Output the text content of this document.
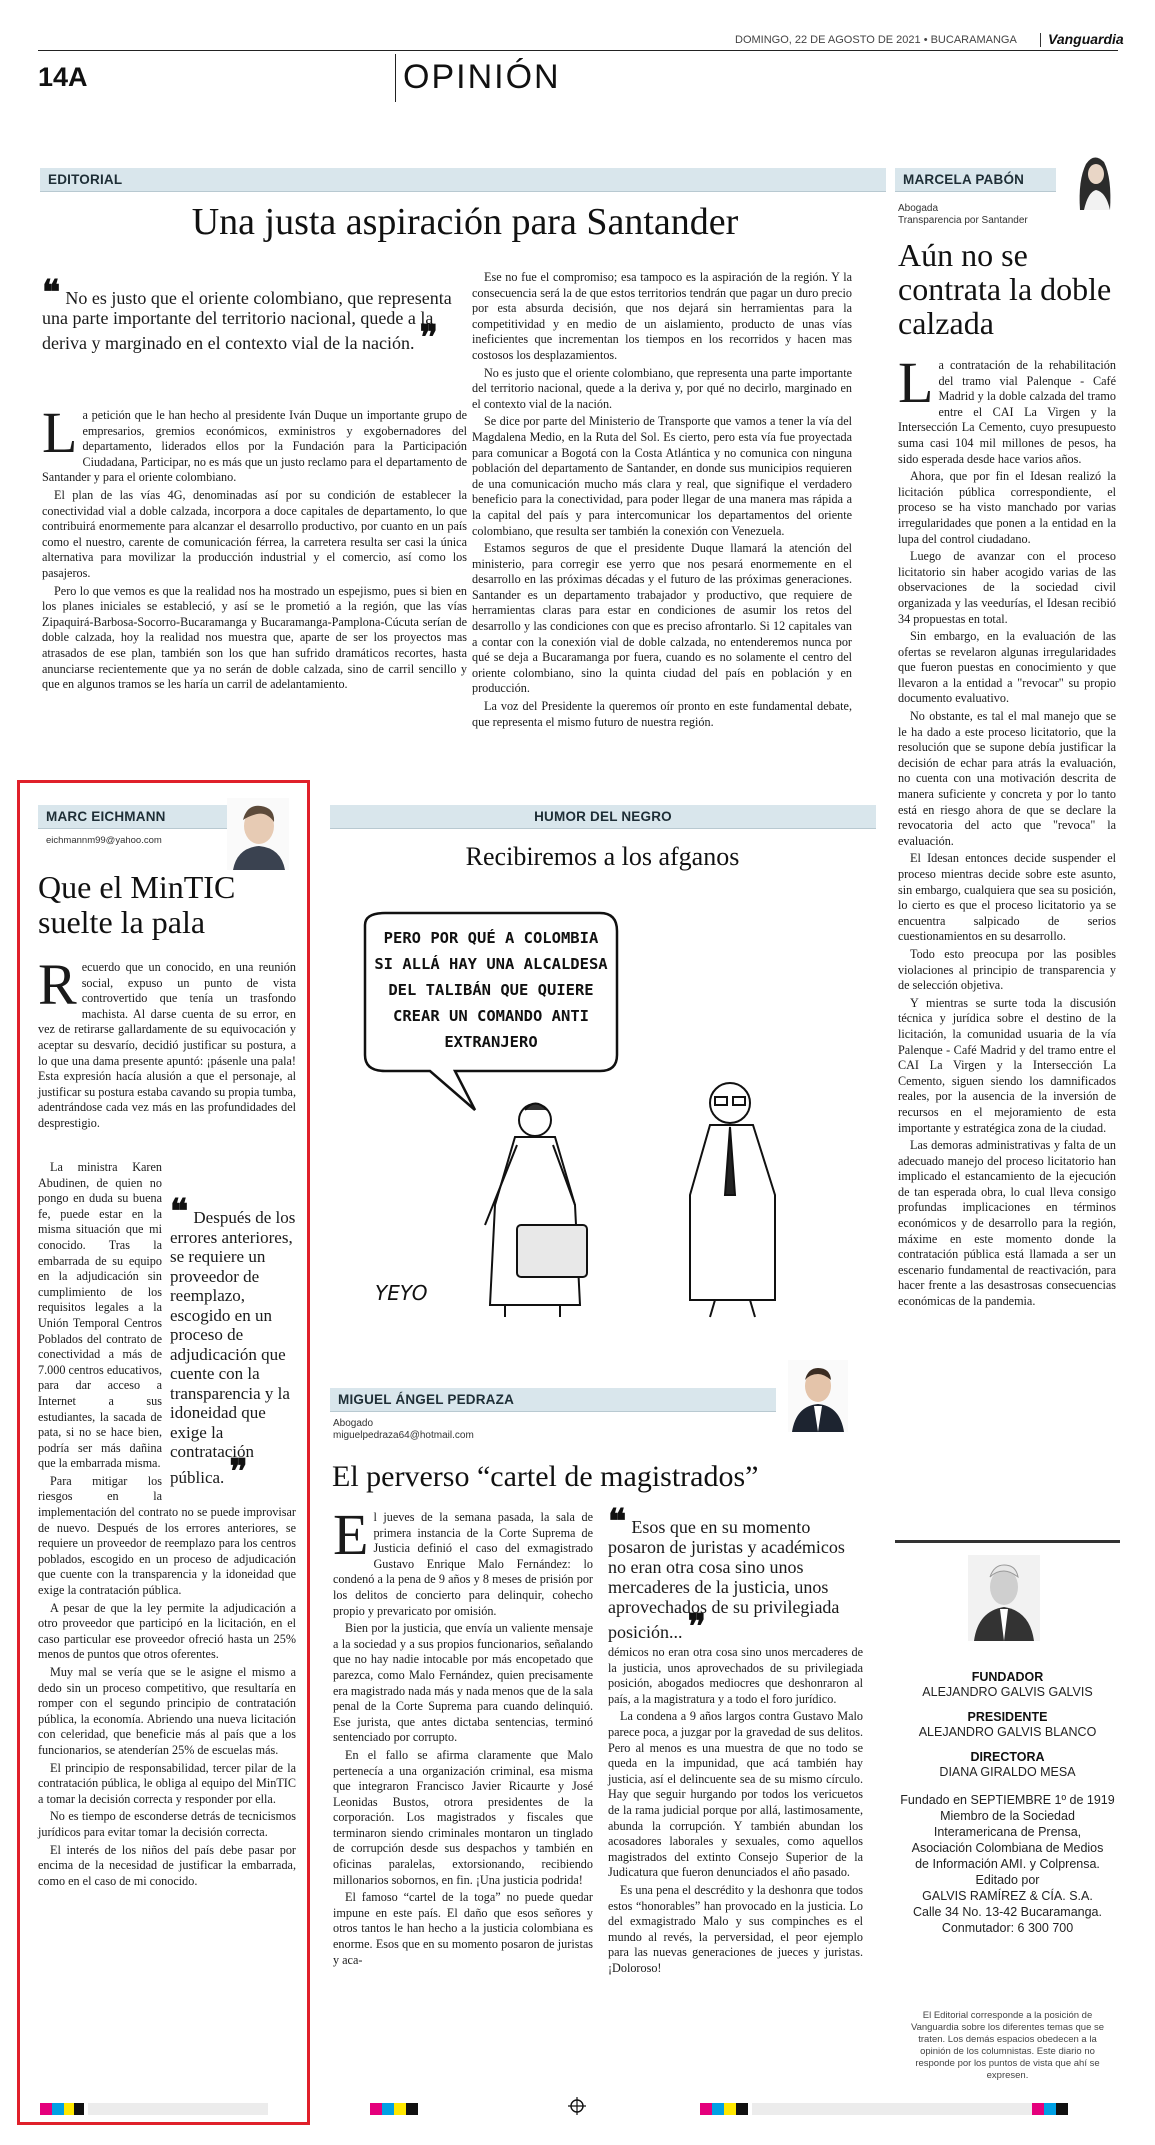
DOMINGO, 22 DE AGOSTO DE 2021 • BUCARAMANGA Vanguardia
14A	OPINIÓN
EDITORIAL
Una justa aspiración para Santander
❝ No es justo que el oriente colombiano, que representa una parte importante del territorio nacional, quede a la deriva y marginado en el contexto vial de la nación. ❞
L a petición que le han hecho al presidente Iván Duque un importante grupo de empresarios, gremios económicos, exministros y exgobernadores del departamento, liderados ellos por la Fundación para la Participación Ciudadana, Participar, no es más que un justo reclamo para el departamento de Santander y para el oriente colombiano.

El plan de las vías 4G, denominadas así por su condición de establecer la conectividad vial a doble calzada, incorpora a doce capitales de departamento, lo que contribuirá enormemente para alcanzar el desarrollo productivo, por cuanto en un país como el nuestro, carente de comunicación férrea, la carretera resulta ser casi la única alternativa para movilizar la producción industrial y el comercio, así como los pasajeros.

Pero lo que vemos es que la realidad nos ha mostrado un espejismo, pues si bien en los planes iniciales se estableció, y así se le prometió a la región, que las vías Zipaquirá-Barbosa-Socorro-Bucaramanga y Bucaramanga-Pamplona-Cúcuta serían de doble calzada, hoy la realidad nos muestra que, aparte de ser los proyectos mas atrasados de ese plan, también son los que han sufrido dramáticos recortes, hasta anunciarse recientemente que ya no serán de doble calzada, sino de carril sencillo y que en algunos tramos se les haría un carril de adelantamiento.

Ese no fue el compromiso; esa tampoco es la aspiración de la región. Y la consecuencia será la de que estos territorios tendrán que pagar un duro precio por esta absurda decisión, que nos dejará sin herramientas para la competitividad y en medio de un aislamiento, producto de unas vías ineficientes que incrementan los tiempos en los recorridos y hacen mas costosos los desplazamientos.

No es justo que el oriente colombiano, que representa una parte importante del territorio nacional, quede a la deriva y, por qué no decirlo, marginado en el contexto vial de la nación.

Se dice por parte del Ministerio de Transporte que vamos a tener la vía del Magdalena Medio, en la Ruta del Sol. Es cierto, pero esta vía fue proyectada para comunicar a Bogotá con la Costa Atlántica y no comunica con ninguna población del departamento de Santander, en donde sus municipios requieren de una comunicación mucho más clara y real, que signifique el verdadero beneficio para la conectividad, para poder llegar de una manera mas rápida a la capital del país y para intercomunicar los departamentos del oriente colombiano, que resulta ser también la conexión con Venezuela.

Estamos seguros de que el presidente Duque llamará la atención del ministerio, para corregir ese yerro que nos pesará enormemente en el desarrollo en las próximas décadas y el futuro de las próximas generaciones. Santander es un departamento trabajador y productivo, que requiere de herramientas claras para estar en condiciones de asumir los retos del desarrollo y las condiciones con que es preciso afrontarlo. Si 12 capitales van a contar con la conexión vial de doble calzada, no entenderemos nunca por qué se deja a Bucaramanga por fuera, cuando es no solamente el centro del oriente colombiano, sino la quinta ciudad del país en población y en producción.

La voz del Presidente la queremos oír pronto en este fundamental debate, que representa el mismo futuro de nuestra región.

MARCELA PABÓN
Abogada
Transparencia por Santander
Aún no se contrata la doble calzada
L a contratación de la rehabilitación del tramo vial Palenque - Café Madrid y la doble calzada del tramo entre el CAI La Virgen y la Intersección La Cemento, cuyo presupuesto suma casi 104 mil millones de pesos, ha sido esperada desde hace varios años.

Ahora, que por fin el Idesan realizó la licitación pública correspondiente, el proceso se ha visto manchado por varias irregularidades que ponen a la entidad en la lupa del control ciudadano.

Luego de avanzar con el proceso licitatorio sin haber acogido varias de las observaciones de la sociedad civil organizada y las veedurías, el Idesan recibió 34 propuestas en total.

Sin embargo, en la evaluación de las ofertas se revelaron algunas irregularidades que fueron puestas en conocimiento y que llevaron a la entidad a "revocar" su propio documento evaluativo.

No obstante, es tal el mal manejo que se le ha dado a este proceso licitatorio, que la resolución que se supone debía justificar la decisión de echar para atrás la evaluación, no cuenta con una motivación descrita de manera suficiente y concreta y por lo tanto está en riesgo ahora de que se declare la revocatoria del acto que "revoca" la evaluación.

El Idesan entonces decide suspender el proceso mientras decide sobre este asunto, sin embargo, cualquiera que sea su posición, lo cierto es que el proceso licitatorio ya se encuentra salpicado de serios cuestionamientos en su desarrollo.

Todo esto preocupa por las posibles violaciones al principio de transparencia y de selección objetiva.

Y mientras se surte toda la discusión técnica y jurídica sobre el destino de la licitación, la comunidad usuaria de la vía Palenque - Café Madrid y del tramo entre el CAI La Virgen y la Intersección La Cemento, siguen siendo los damnificados reales, por la ausencia de la inversión de recursos en el mejoramiento de esta importante y estratégica zona de la ciudad.

Las demoras administrativas y falta de un adecuado manejo del proceso licitatorio han implicado el estancamiento de la ejecución de tan esperada obra, lo cual lleva consigo profundas implicaciones en términos económicos y de desarrollo para la región, máxime en este momento donde la contratación pública está llamada a ser un escenario fundamental de reactivación, para hacer frente a las desastrosas consecuencias económicas de la pandemia.

MARC EICHMANN
eichmannm99@yahoo.com
Que el MinTIC
suelte la pala
R ecuerdo que un conocido, en una reunión social, expuso un punto de vista controvertido que tenía un trasfondo machista. Al darse cuenta de su error, en vez de retirarse gallardamente de su equivocación y aceptar su desvarío, decidió justificar su postura, a lo que una dama presente apuntó: ¡pásenle una pala! Esta expresión hacía alusión a que el personaje, al justificar su postura estaba cavando su propia tumba, adentrándose cada vez más en las profundidades del desprestigio.

❝ Después de los errores anteriores, se requiere un proveedor de reemplazo, escogido en un proceso de adjudicación que cuente con la transparencia y la idoneidad que exige la contratación pública. ❞

La ministra Karen Abudinen, de quien no pongo en duda su buena fe, puede estar en la misma situación que mi conocido. Tras la embarrada de su equipo en la adjudicación sin cumplimiento de los requisitos legales a la Unión Temporal Centros Poblados del contrato de conectividad a más de 7.000 centros educativos, para dar acceso a Internet a sus estudiantes, la sacada de pata, si no se hace bien, podría ser más dañina que la embarrada misma.

Para mitigar los riesgos en la implementación del contrato no se puede improvisar de nuevo. Después de los errores anteriores, se requiere un proveedor de reemplazo para los centros poblados, escogido en un proceso de adjudicación que cuente con la transparencia y la idoneidad que exige la contratación pública.

A pesar de que la ley permite la adjudicación a otro proveedor que participó en la licitación, en el caso particular ese proveedor ofreció hasta un 25% menos de puntos que otros oferentes.

Muy mal se vería que se le asigne el mismo a dedo sin un proceso competitivo, que resultaría en romper con el segundo principio de contratación pública, la economía. Abriendo una nueva licitación con celeridad, que beneficie más al país que a los funcionarios, se atenderían 25% de escuelas más.

El principio de responsabilidad, tercer pilar de la contratación pública, le obliga al equipo del MinTIC a tomar la decisión correcta y responder por ella.

No es tiempo de esconderse detrás de tecnicismos jurídicos para evitar tomar la decisión correcta.

El interés de los niños del país debe pasar por encima de la necesidad de justificar la embarrada, como en el caso de mi conocido.

HUMOR DEL NEGRO
Recibiremos a los afganos
PERO POR QUÉ A COLOMBIA
SI ALLÁ HAY UNA ALCALDESA
DEL TALIBÁN QUE QUIERE
CREAR UN COMANDO ANTI
EXTRANJERO
YEYO
MIGUEL ÁNGEL PEDRAZA
Abogado
miguelpedraza64@hotmail.com
El perverso “cartel de magistrados”
E l jueves de la semana pasada, la sala de primera instancia de la Corte Suprema de Justicia definió el caso del exmagistrado Gustavo Enrique Malo Fernández: lo condenó a la pena de 9 años y 8 meses de prisión por los delitos de concierto para delinquir, cohecho propio y prevaricato por omisión.

Bien por la justicia, que envía un valiente mensaje a la sociedad y a sus propios funcionarios, señalando que no hay nadie intocable por más encopetado que parezca, como Malo Fernández, quien precisamente era magistrado nada más y nada menos que de la sala penal de la Corte Suprema para cuando delinquió. Ese jurista, que antes dictaba sentencias, terminó sentenciado por corrupto.

En el fallo se afirma claramente que Malo pertenecía a una organización criminal, esa misma que integraron Francisco Javier Ricaurte y José Leonidas Bustos, otrora presidentes de la corporación. Los magistrados y fiscales que terminaron siendo criminales montaron un tinglado de corrupción desde sus despachos y también en oficinas paralelas, extorsionando, recibiendo millonarios sobornos, en fin. ¡Una justicia podrida!

El famoso “cartel de la toga” no puede quedar impune en este país. El daño que esos señores y otros tantos le han hecho a la justicia colombiana es enorme. Esos que en su momento posaron de juristas y aca-

❝ Esos que en su momento posaron de juristas y académicos no eran otra cosa sino unos mercaderes de la justicia, unos aprovechados de su privilegiada posición... ❞

démicos no eran otra cosa sino unos mercaderes de la justicia, unos aprovechados de su privilegiada posición, abogados mediocres que deshonraron al país, a la magistratura y a todo el foro jurídico.

La condena a 9 años largos contra Gustavo Malo parece poca, a juzgar por la gravedad de sus delitos. Pero al menos es una muestra de que no todo se queda en la impunidad, que acá también hay justicia, así el delincuente sea de su mismo círculo. Hay que seguir hurgando por todos los vericuetos de la rama judicial porque por allá, lastimosamente, abunda la corrupción. Y también abundan los acosadores laborales y sexuales, como aquellos magistrados del extinto Consejo Superior de la Judicatura que fueron denunciados el año pasado.

Es una pena el descrédito y la deshonra que todos estos “honorables” han provocado en la justicia. Lo del exmagistrado Malo y sus compinches es el mundo al revés, la perversidad, el peor ejemplo para las nuevas generaciones de jueces y juristas. ¡Doloroso!

FUNDADOR
ALEJANDRO GALVIS GALVIS
PRESIDENTE
ALEJANDRO GALVIS BLANCO
DIRECTORA
DIANA GIRALDO MESA
Fundado en SEPTIEMBRE 1º de 1919
Miembro de la Sociedad
Interamericana de Prensa,
Asociación Colombiana de Medios
de Información AMI. y Colprensa.
Editado por
GALVIS RAMÍREZ & CÍA. S.A.
Calle 34 No. 13-42 Bucaramanga.
Conmutador: 6 300 700
El Editorial corresponde a la posición de Vanguardia sobre los diferentes temas que se traten. Los demás espacios obedecen a la opinión de los columnistas. Este diario no responde por los puntos de vista que ahí se expresen.
